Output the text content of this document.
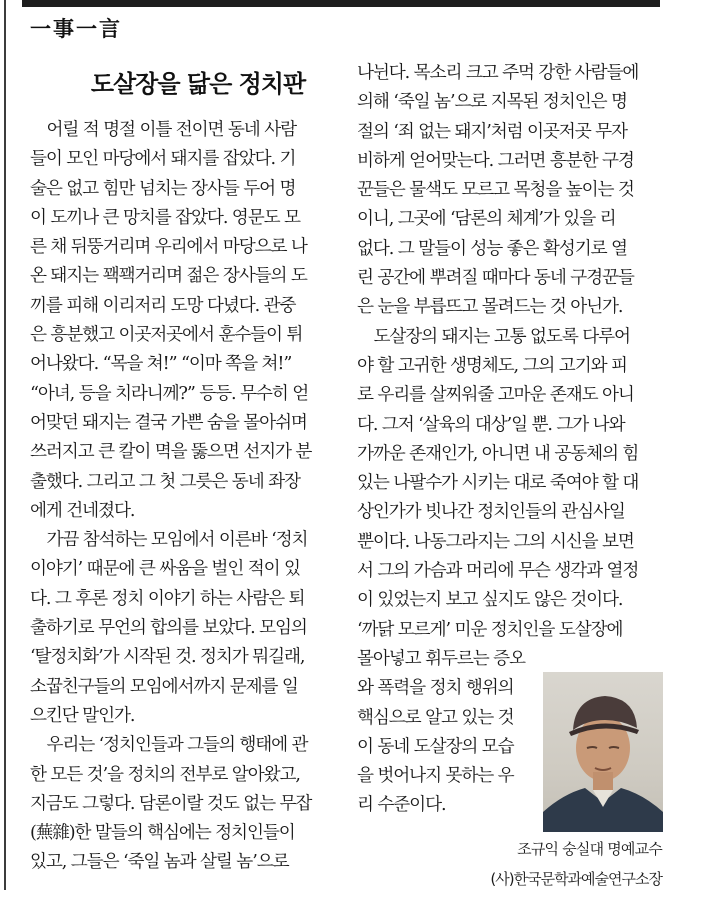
一事一言
도살장을 닮은 정치판
　어릴 적 명절 이틀 전이면 동네 사람
들이 모인 마당에서 돼지를 잡았다. 기
술은 없고 힘만 넘치는 장사들 두어 명
이 도끼나 큰 망치를 잡았다. 영문도 모
른 채 뒤뚱거리며 우리에서 마당으로 나
온 돼지는 꽥꽥거리며 젊은 장사들의 도
끼를 피해 이리저리 도망 다녔다. 관중
은 흥분했고 이곳저곳에서 훈수들이 튀
어나왔다. “목을 쳐!” “이마 쪽을 쳐!”
“아녀, 등을 치라니께?” 등등. 무수히 얻
어맞던 돼지는 결국 가쁜 숨을 몰아쉬며
쓰러지고 큰 칼이 멱을 뚫으면 선지가 분
출했다. 그리고 그 첫 그릇은 동네 좌장
에게 건네졌다.
　가끔 참석하는 모임에서 이른바 ‘정치
이야기’ 때문에 큰 싸움을 벌인 적이 있
다. 그 후론 정치 이야기 하는 사람은 퇴
출하기로 무언의 합의를 보았다. 모임의
‘탈정치화’가 시작된 것. 정치가 뭐길래,
소꿉친구들의 모임에서까지 문제를 일
으킨단 말인가.
　우리는 ‘정치인들과 그들의 행태에 관
한 모든 것’을 정치의 전부로 알아왔고,
지금도 그렇다. 담론이랄 것도 없는 무잡
(蕪雜)한 말들의 핵심에는 정치인들이
있고, 그들은 ‘죽일 놈과 살릴 놈’으로
나뉜다. 목소리 크고 주먹 강한 사람들에
의해 ‘죽일 놈’으로 지목된 정치인은 명
절의 ‘죄 없는 돼지’처럼 이곳저곳 무자
비하게 얻어맞는다. 그러면 흥분한 구경
꾼들은 물색도 모르고 목청을 높이는 것
이니, 그곳에 ‘담론의 체계’가 있을 리
없다. 그 말들이 성능 좋은 확성기로 열
린 공간에 뿌려질 때마다 동네 구경꾼들
은 눈을 부릅뜨고 몰려드는 것 아닌가.
　도살장의 돼지는 고통 없도록 다루어
야 할 고귀한 생명체도, 그의 고기와 피
로 우리를 살찌워줄 고마운 존재도 아니
다. 그저 ‘살육의 대상’일 뿐. 그가 나와
가까운 존재인가, 아니면 내 공동체의 힘
있는 나팔수가 시키는 대로 죽여야 할 대
상인가가 빗나간 정치인들의 관심사일
뿐이다. 나동그라지는 그의 시신을 보면
서 그의 가슴과 머리에 무슨 생각과 열정
이 있었는지 보고 싶지도 않은 것이다.
‘까닭 모르게’ 미운 정치인을 도살장에
몰아넣고 휘두르는 증오
와 폭력을 정치 행위의
핵심으로 알고 있는 것
이 동네 도살장의 모습
을 벗어나지 못하는 우
리 수준이다.
조규익 숭실대 명예교수
(사)한국문학과예술연구소장
